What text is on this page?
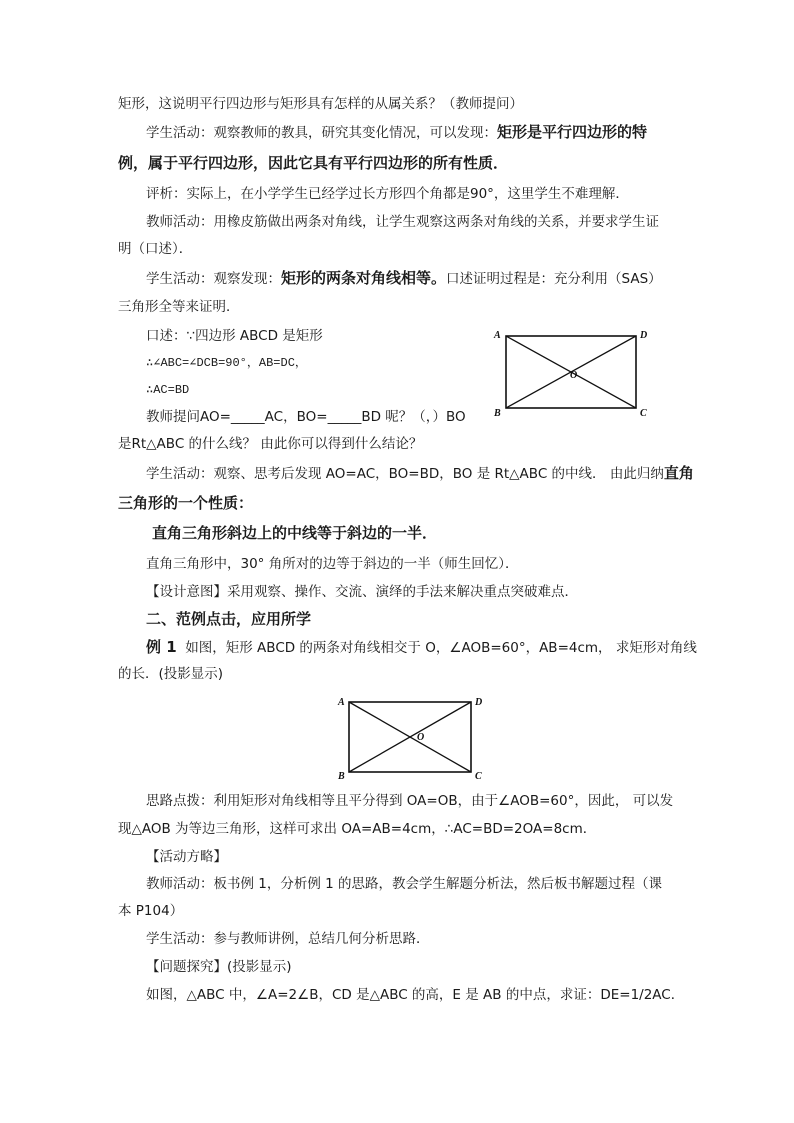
矩形，这说明平行四边形与矩形具有怎样的从属关系？（教师提问）
学生活动：观察教师的教具，研究其变化情况，可以发现：矩形是平行四边形的特
例，属于平行四边形，因此它具有平行四边形的所有性质．
评析：实际上，在小学学生已经学过长方形四个角都是90°，这里学生不难理解．
教师活动：用橡皮筋做出两条对角线，让学生观察这两条对角线的关系，并要求学生证
明（口述）．
学生活动：观察发现：矩形的两条对角线相等。口述证明过程是：充分利用（SAS）
三角形全等来证明．
口述：∵四边形 ABCD 是矩形
∴∠ABC=∠DCB=90°，AB=DC，
∴AC=BD
教师提问AO=_____AC，BO=_____BD 呢？（，）BO
是Rt△ABC 的什么线？ 由此你可以得到什么结论？
A	D
B	C
O
学生活动：观察、思考后发现 AO=AC，BO=BD，BO 是 Rt△ABC 的中线． 由此归纳直角
三角形的一个性质：
直角三角形斜边上的中线等于斜边的一半．
直角三角形中，30° 角所对的边等于斜边的一半（师生回忆）．
【设计意图】采用观察、操作、交流、演绎的手法来解决重点突破难点．
二、范例点击，应用所学
例 1 如图，矩形 ABCD 的两条对角线相交于 O，∠AOB=60°，AB=4cm， 求矩形对角线
的长．(投影显示)
A	D
B	C
O
思路点拨：利用矩形对角线相等且平分得到 OA=OB，由于∠AOB=60°，因此， 可以发
现△AOB 为等边三角形，这样可求出 OA=AB=4cm，∴AC=BD=2OA=8cm．
【活动方略】
教师活动：板书例 1，分析例 1 的思路，教会学生解题分析法，然后板书解题过程（课
本 P104）
学生活动：参与教师讲例，总结几何分析思路．
【问题探究】(投影显示)
如图，△ABC 中，∠A=2∠B，CD 是△ABC 的高，E 是 AB 的中点，求证：DE=1/2AC．
